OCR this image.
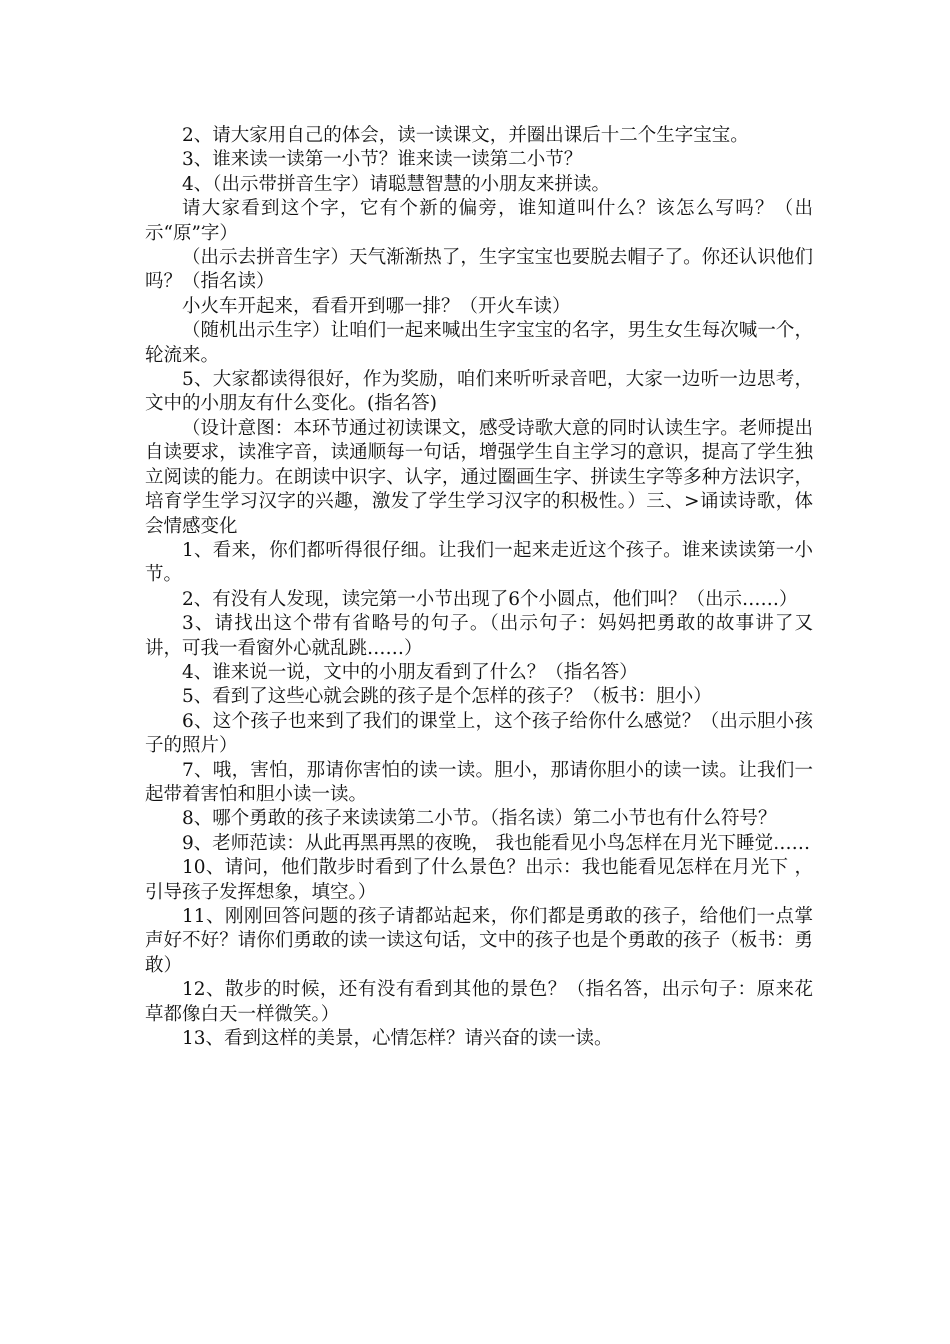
2、请大家用自己的体会，读一读课文，并圈出课后十二个生字宝宝。

3、谁来读一读第一小节？谁来读一读第二小节？

4、（出示带拼音生字）请聪慧智慧的小朋友来拼读。

请大家看到这个字，它有个新的偏旁，谁知道叫什么？该怎么写吗？（出示“原”字）

（出示去拼音生字）天气渐渐热了，生字宝宝也要脱去帽子了。你还认识他们吗？（指名读）

小火车开起来，看看开到哪一排？（开火车读）

（随机出示生字）让咱们一起来喊出生字宝宝的名字，男生女生每次喊一个，轮流来。

5、大家都读得很好，作为奖励，咱们来听听录音吧，大家一边听一边思考，文中的小朋友有什么变化。(指名答)

（设计意图：本环节通过初读课文，感受诗歌大意的同时认读生字。老师提出自读要求，读准字音，读通顺每一句话，增强学生自主学习的意识，提高了学生独立阅读的能力。在朗读中识字、认字，通过圈画生字、拼读生字等多种方法识字，培育学生学习汉字的兴趣，激发了学生学习汉字的积极性。）三、>诵读诗歌，体会情感变化

1、看来，你们都听得很仔细。让我们一起来走近这个孩子。谁来读读第一小节。

2、有没有人发现，读完第一小节出现了6个小圆点，他们叫？（出示……）

3、请找出这个带有省略号的句子。（出示句子：妈妈把勇敢的故事讲了又讲，可我一看窗外心就乱跳……）

4、谁来说一说，文中的小朋友看到了什么？（指名答）

5、看到了这些心就会跳的孩子是个怎样的孩子？（板书：胆小）

6、这个孩子也来到了我们的课堂上，这个孩子给你什么感觉？（出示胆小孩子的照片）

7、哦，害怕，那请你害怕的读一读。胆小，那请你胆小的读一读。让我们一起带着害怕和胆小读一读。

8、哪个勇敢的孩子来读读第二小节。（指名读）第二小节也有什么符号？

9、老师范读：从此再黑再黑的夜晚， 我也能看见小鸟怎样在月光下睡觉……

10、请问，他们散步时看到了什么景色？出示：我也能看见怎样在月光下 ，引导孩子发挥想象，填空。）

11、刚刚回答问题的孩子请都站起来，你们都是勇敢的孩子，给他们一点掌声好不好？请你们勇敢的读一读这句话，文中的孩子也是个勇敢的孩子（板书：勇敢）

12、散步的时候，还有没有看到其他的景色？（指名答，出示句子：原来花草都像白天一样微笑。）

13、看到这样的美景，心情怎样？请兴奋的读一读。
